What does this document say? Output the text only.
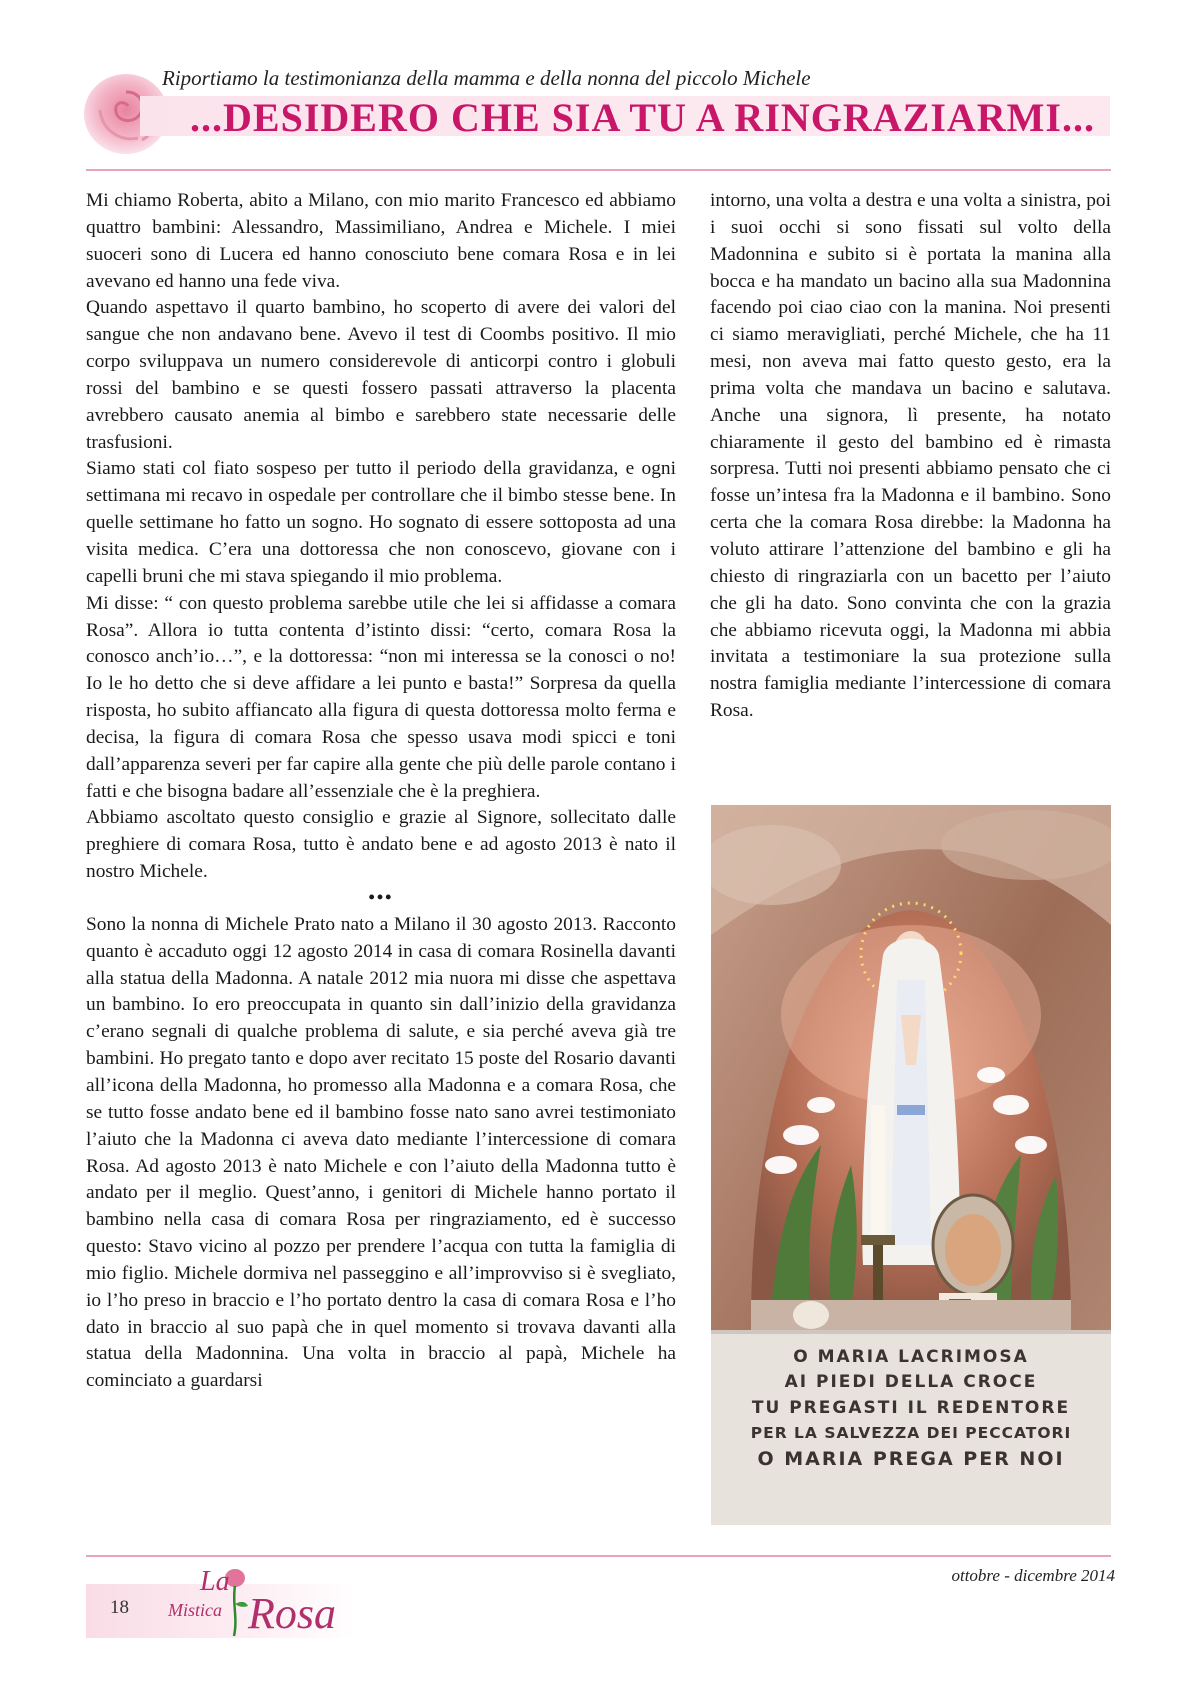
Riportiamo la testimonianza della mamma e della nonna del piccolo Michele
...DESIDERO CHE SIA TU A RINGRAZIARMI...

Mi chiamo Roberta, abito a Milano, con mio marito Francesco ed abbiamo quattro bambini: Alessandro, Massimiliano, Andrea e Michele. I miei suoceri sono di Lucera ed hanno conosciuto bene comara Rosa e in lei avevano ed hanno una fede viva.

Quando aspettavo il quarto bambino, ho scoperto di avere dei valori del sangue che non andavano bene. Avevo il test di Coombs positivo. Il mio corpo sviluppava un numero considerevole di anticorpi contro i globuli rossi del bambino e se questi fossero passati attraverso la placenta avrebbero causato anemia al bimbo e sarebbero state necessarie delle trasfusioni.

Siamo stati col fiato sospeso per tutto il periodo della gravidanza, e ogni settimana mi recavo in ospedale per controllare che il bimbo stesse bene. In quelle settimane ho fatto un sogno. Ho sognato di essere sottoposta ad una visita medica. C’era una dottoressa che non conoscevo, giovane con i capelli bruni che mi stava spiegando il mio problema.

Mi disse: “ con questo problema sarebbe utile che lei si affidasse a comara Rosa”. Allora io tutta contenta d’istinto dissi: “certo, comara Rosa la conosco anch’io…”, e la dottoressa: “non mi interessa se la conosci o no! Io le ho detto che si deve affidare a lei punto e basta!” Sorpresa da quella risposta, ho subito affiancato alla figura di questa dottoressa molto ferma e decisa, la figura di comara Rosa che spesso usava modi spicci e toni dall’apparenza severi per far capire alla gente che più delle parole contano i fatti e che bisogna badare all’essenziale che è la preghiera.

Abbiamo ascoltato questo consiglio e grazie al Signore, sollecitato dalle preghiere di comara Rosa, tutto è andato bene e ad agosto 2013 è nato il nostro Michele.

•••

Sono la nonna di Michele Prato nato a Milano il 30 agosto 2013. Racconto quanto è accaduto oggi 12 agosto 2014 in casa di comara Rosinella davanti alla statua della Madonna. A natale 2012 mia nuora mi disse che aspettava un bambino. Io ero preoccupata in quanto sin dall’inizio della gravidanza c’erano segnali di qualche problema di salute, e sia perché aveva già tre bambini. Ho pregato tanto e dopo aver recitato 15 poste del Rosario davanti all’icona della Madonna, ho promesso alla Madonna e a comara Rosa, che se tutto fosse andato bene ed il bambino fosse nato sano avrei testimoniato l’aiuto che la Madonna ci aveva dato mediante l’intercessione di comara Rosa. Ad agosto 2013 è nato Michele e con l’aiuto della Madonna tutto è andato per il meglio. Quest’anno, i genitori di Michele hanno portato il bambino nella casa di comara Rosa per ringraziamento, ed è successo questo: Stavo vicino al pozzo per prendere l’acqua con tutta la famiglia di mio figlio. Michele dormiva nel passeggino e all’improvviso si è svegliato, io l’ho preso in braccio e l’ho portato dentro la casa di comara Rosa e l’ho dato in braccio al suo papà che in quel momento si trovava davanti alla statua della Madonnina. Una volta in braccio al papà, Michele ha cominciato a guardarsi

intorno, una volta a destra e una volta a sinistra, poi i suoi occhi si sono fissati sul volto della Madonnina e subito si è portata la manina alla bocca e ha mandato un bacino alla sua Madonnina facendo poi ciao ciao con la manina. Noi presenti ci siamo meravigliati, perché Michele, che ha 11 mesi, non aveva mai fatto questo gesto, era la prima volta che mandava un bacino e salutava. Anche una signora, lì presente, ha notato chiaramente il gesto del bambino ed è rimasta sorpresa. Tutti noi presenti abbiamo pensato che ci fosse un’intesa fra la Madonna e il bambino. Sono certa che la comara Rosa direbbe: la Madonna ha voluto attirare l’attenzione del bambino e gli ha chiesto di ringraziarla con un bacetto per l’aiuto che gli ha dato. Sono convinta che con la grazia che abbiamo ricevuta oggi, la Madonna mi abbia invitata a testimoniare la sua protezione sulla nostra famiglia mediante l’intercessione di comara Rosa.

O MARIA LACRIMOSA
AI PIEDI DELLA CROCE
TU PREGASTI IL REDENTORE
PER LA SALVEZZA DEI PECCATORI
O MARIA PREGA PER NOI
18
La
Mistica Rosa
ottobre - dicembre 2014
